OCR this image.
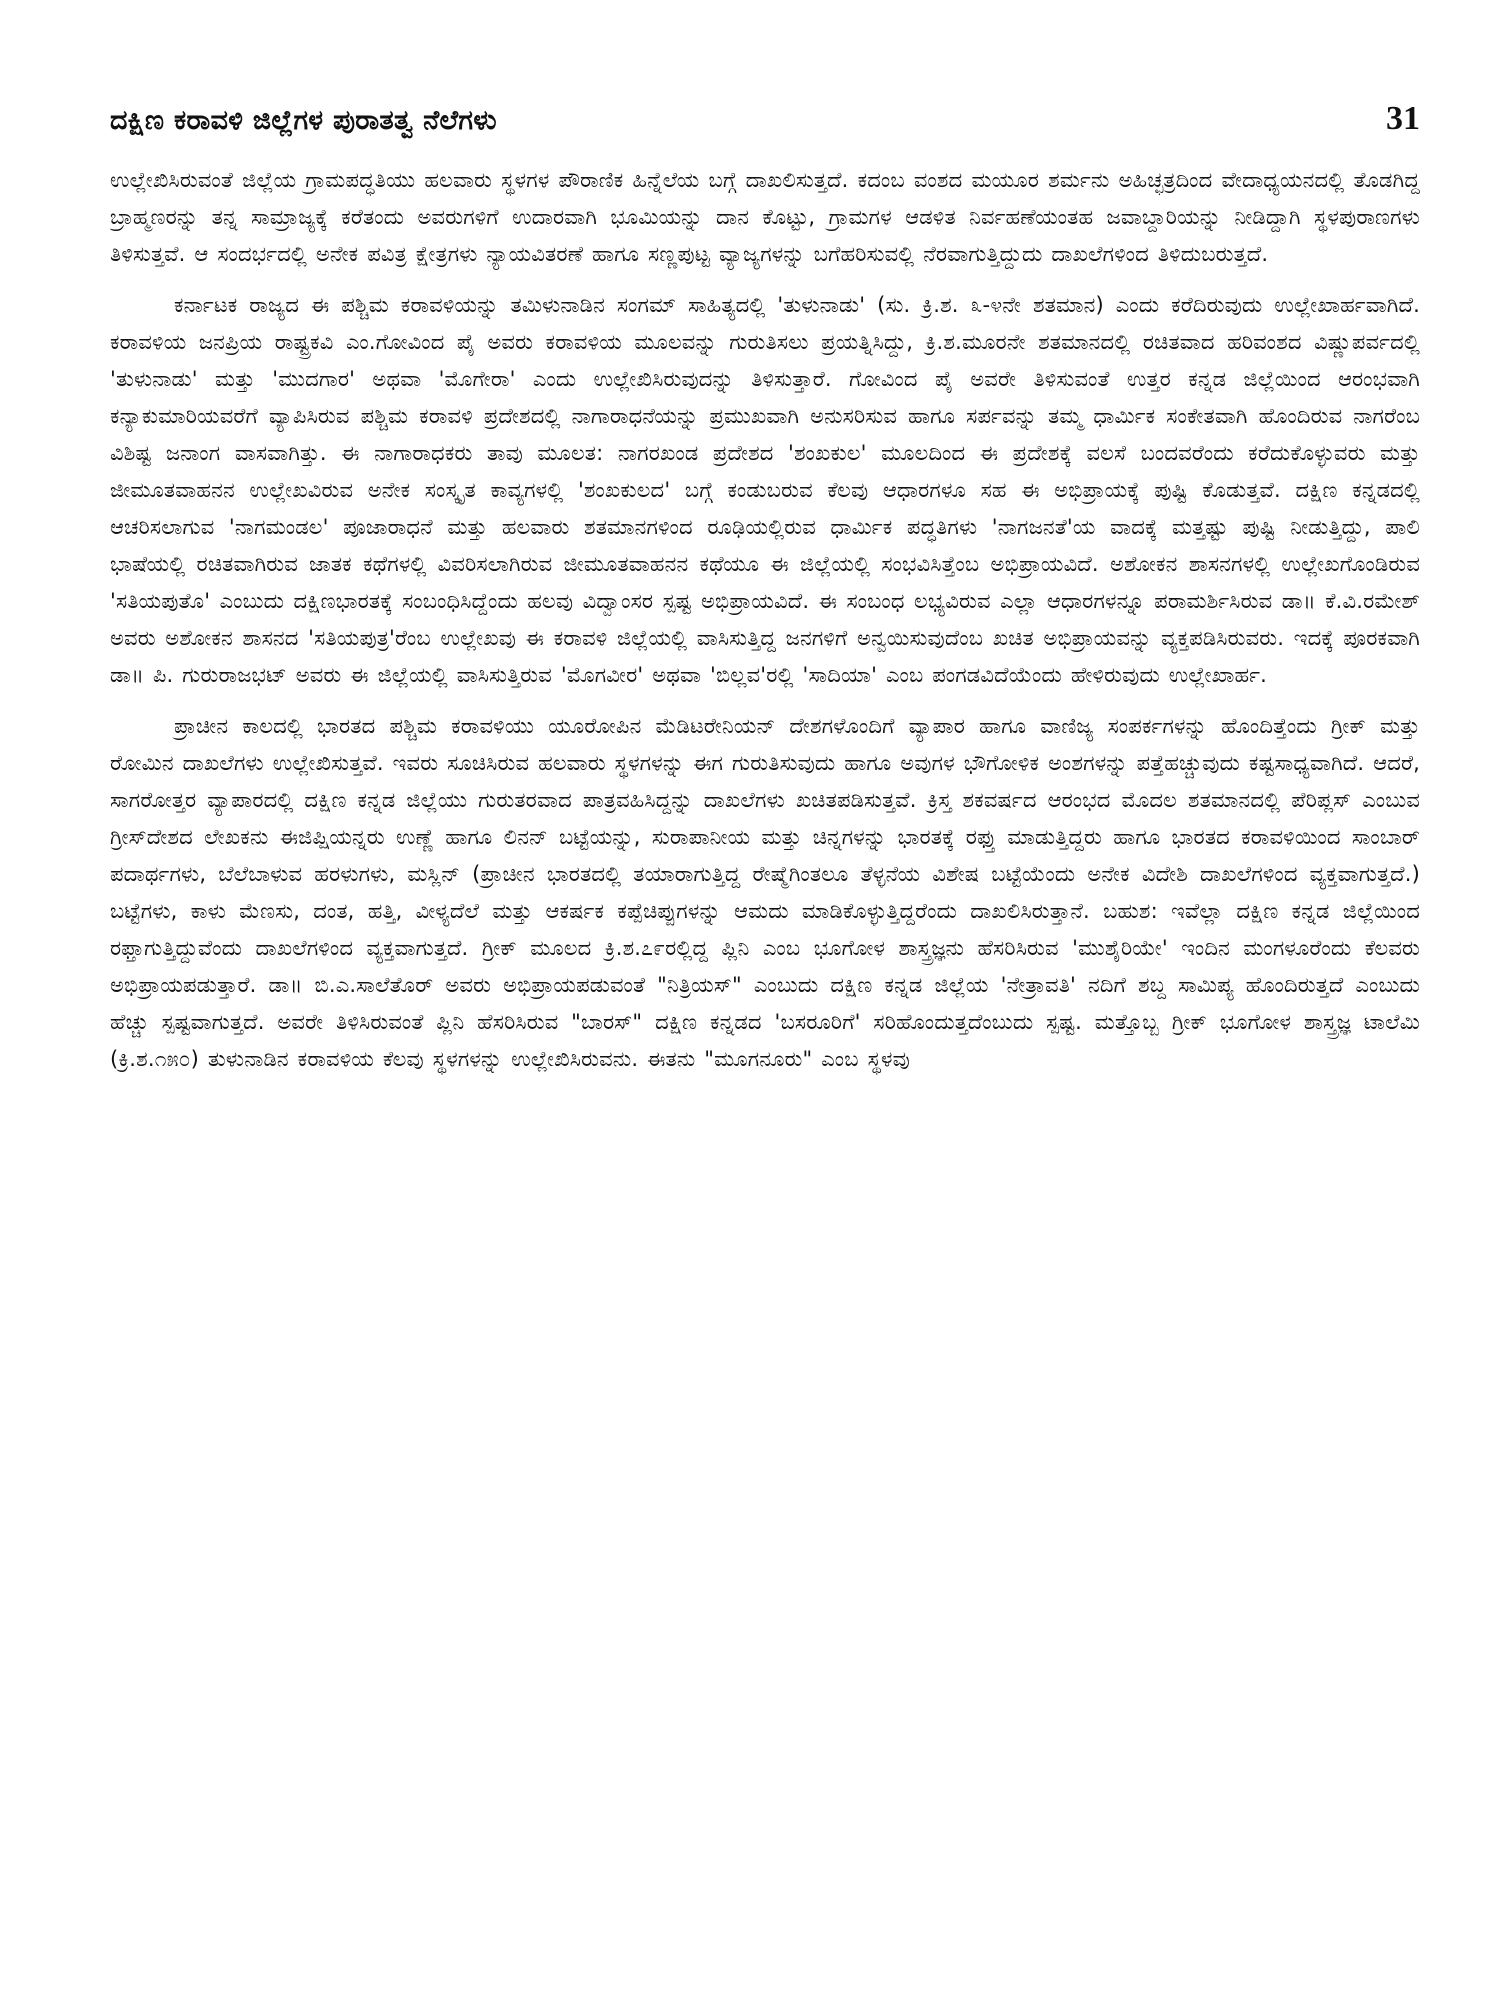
ದಕ್ಷಿಣ ಕರಾವಳಿ ಜಿಲ್ಲೆಗಳ ಪುರಾತತ್ವ ನೆಲೆಗಳು	31

ಉಲ್ಲೇಖಿಸಿರುವಂತೆ ಜಿಲ್ಲೆಯ ಗ್ರಾಮಪದ್ಧತಿಯು ಹಲವಾರು ಸ್ಥಳಗಳ ಪೌರಾಣಿಕ ಹಿನ್ನೆಲೆಯ ಬಗ್ಗೆ ದಾಖಲಿಸುತ್ತದೆ. ಕದಂಬ ವಂಶದ ಮಯೂರ ಶರ್ಮನು ಅಹಿಚ್ಛತ್ರದಿಂದ ವೇದಾಧ್ಯಯನದಲ್ಲಿ ತೊಡಗಿದ್ದ ಬ್ರಾಹ್ಮಣರನ್ನು ತನ್ನ ಸಾಮ್ರಾಜ್ಯಕ್ಕೆ ಕರೆತಂದು ಅವರುಗಳಿಗೆ ಉದಾರವಾಗಿ ಭೂಮಿಯನ್ನು ದಾನ ಕೊಟ್ಟು, ಗ್ರಾಮಗಳ ಆಡಳಿತ ನಿರ್ವಹಣೆಯಂತಹ ಜವಾಬ್ದಾರಿಯನ್ನು ನೀಡಿದ್ದಾಗಿ ಸ್ಥಳಪುರಾಣಗಳು ತಿಳಿಸುತ್ತವೆ. ಆ ಸಂದರ್ಭದಲ್ಲಿ ಅನೇಕ ಪವಿತ್ರ ಕ್ಷೇತ್ರಗಳು ನ್ಯಾಯವಿತರಣೆ ಹಾಗೂ ಸಣ್ಣಪುಟ್ಟ ವ್ಯಾಜ್ಯಗಳನ್ನು ಬಗೆಹರಿಸುವಲ್ಲಿ ನೆರವಾಗುತ್ತಿದ್ದುದು ದಾಖಲೆಗಳಿಂದ ತಿಳಿದುಬರುತ್ತದೆ.

ಕರ್ನಾಟಕ ರಾಜ್ಯದ ಈ ಪಶ್ಚಿಮ ಕರಾವಳಿಯನ್ನು ತಮಿಳುನಾಡಿನ ಸಂಗಮ್ ಸಾಹಿತ್ಯದಲ್ಲಿ 'ತುಳುನಾಡು' (ಸು. ಕ್ರಿ.ಶ. ೩-೪ನೇ ಶತಮಾನ) ಎಂದು ಕರೆದಿರುವುದು ಉಲ್ಲೇಖಾರ್ಹವಾಗಿದೆ. ಕರಾವಳಿಯ ಜನಪ್ರಿಯ ರಾಷ್ಟ್ರಕವಿ ಎಂ.ಗೋವಿಂದ ಪೈ ಅವರು ಕರಾವಳಿಯ ಮೂಲವನ್ನು ಗುರುತಿಸಲು ಪ್ರಯತ್ನಿಸಿದ್ದು, ಕ್ರಿ.ಶ.ಮೂರನೇ ಶತಮಾನದಲ್ಲಿ ರಚಿತವಾದ ಹರಿವಂಶದ ವಿಷ್ಣುಪರ್ವದಲ್ಲಿ 'ತುಳುನಾಡು' ಮತ್ತು 'ಮುದಗಾರ' ಅಥವಾ 'ಮೊಗೇರಾ' ಎಂದು ಉಲ್ಲೇಖಿಸಿರುವುದನ್ನು ತಿಳಿಸುತ್ತಾರೆ. ಗೋವಿಂದ ಪೈ ಅವರೇ ತಿಳಿಸುವಂತೆ ಉತ್ತರ ಕನ್ನಡ ಜಿಲ್ಲೆಯಿಂದ ಆರಂಭವಾಗಿ ಕನ್ಯಾಕುಮಾರಿಯವರೆಗೆ ವ್ಯಾಪಿಸಿರುವ ಪಶ್ಚಿಮ ಕರಾವಳಿ ಪ್ರದೇಶದಲ್ಲಿ ನಾಗಾರಾಧನೆಯನ್ನು ಪ್ರಮುಖವಾಗಿ ಅನುಸರಿಸುವ ಹಾಗೂ ಸರ್ಪವನ್ನು ತಮ್ಮ ಧಾರ್ಮಿಕ ಸಂಕೇತವಾಗಿ ಹೊಂದಿರುವ ನಾಗರೆಂಬ ವಿಶಿಷ್ಟ ಜನಾಂಗ ವಾಸವಾಗಿತ್ತು. ಈ ನಾಗಾರಾಧಕರು ತಾವು ಮೂಲತ: ನಾಗರಖಂಡ ಪ್ರದೇಶದ 'ಶಂಖಕುಲ' ಮೂಲದಿಂದ ಈ ಪ್ರದೇಶಕ್ಕೆ ವಲಸೆ ಬಂದವರೆಂದು ಕರೆದುಕೊಳ್ಳುವರು ಮತ್ತು ಜೀಮೂತವಾಹನನ ಉಲ್ಲೇಖವಿರುವ ಅನೇಕ ಸಂಸ್ಕೃತ ಕಾವ್ಯಗಳಲ್ಲಿ 'ಶಂಖಕುಲದ' ಬಗ್ಗೆ ಕಂಡುಬರುವ ಕೆಲವು ಆಧಾರಗಳೂ ಸಹ ಈ ಅಭಿಪ್ರಾಯಕ್ಕೆ ಪುಷ್ಟಿ ಕೊಡುತ್ತವೆ. ದಕ್ಷಿಣ ಕನ್ನಡದಲ್ಲಿ ಆಚರಿಸಲಾಗುವ 'ನಾಗಮಂಡಲ' ಪೂಜಾರಾಧನೆ ಮತ್ತು ಹಲವಾರು ಶತಮಾನಗಳಿಂದ ರೂಢಿಯಲ್ಲಿರುವ ಧಾರ್ಮಿಕ ಪದ್ಧತಿಗಳು 'ನಾಗಜನತೆ'ಯ ವಾದಕ್ಕೆ ಮತ್ತಷ್ಟು ಪುಷ್ಟಿ ನೀಡುತ್ತಿದ್ದು, ಪಾಲಿ ಭಾಷೆಯಲ್ಲಿ ರಚಿತವಾಗಿರುವ ಜಾತಕ ಕಥೆಗಳಲ್ಲಿ ವಿವರಿಸಲಾಗಿರುವ ಜೀಮೂತವಾಹನನ ಕಥೆಯೂ ಈ ಜಿಲ್ಲೆಯಲ್ಲಿ ಸಂಭವಿಸಿತ್ತೆಂಬ ಅಭಿಪ್ರಾಯವಿದೆ. ಅಶೋಕನ ಶಾಸನಗಳಲ್ಲಿ ಉಲ್ಲೇಖಗೊಂಡಿರುವ 'ಸತಿಯಪುತೊ' ಎಂಬುದು ದಕ್ಷಿಣಭಾರತಕ್ಕೆ ಸಂಬಂಧಿಸಿದ್ದೆಂದು ಹಲವು ವಿದ್ವಾಂಸರ ಸ್ಪಷ್ಟ ಅಭಿಪ್ರಾಯವಿದೆ. ಈ ಸಂಬಂಧ ಲಭ್ಯವಿರುವ ಎಲ್ಲಾ ಆಧಾರಗಳನ್ನೂ ಪರಾಮರ್ಶಿಸಿರುವ ಡಾ॥ ಕೆ.ವಿ.ರಮೇಶ್ ಅವರು ಅಶೋಕನ ಶಾಸನದ 'ಸತಿಯಪುತ್ರ'ರೆಂಬ ಉಲ್ಲೇಖವು ಈ ಕರಾವಳಿ ಜಿಲ್ಲೆಯಲ್ಲಿ ವಾಸಿಸುತ್ತಿದ್ದ ಜನಗಳಿಗೆ ಅನ್ವಯಿಸುವುದೆಂಬ ಖಚಿತ ಅಭಿಪ್ರಾಯವನ್ನು ವ್ಯಕ್ತಪಡಿಸಿರುವರು. ಇದಕ್ಕೆ ಪೂರಕವಾಗಿ ಡಾ॥ ಪಿ. ಗುರುರಾಜಭಟ್ ಅವರು ಈ ಜಿಲ್ಲೆಯಲ್ಲಿ ವಾಸಿಸುತ್ತಿರುವ 'ಮೊಗವೀರ' ಅಥವಾ 'ಬಿಲ್ಲವ'ರಲ್ಲಿ 'ಸಾದಿಯಾ' ಎಂಬ ಪಂಗಡವಿದೆಯೆಂದು ಹೇಳಿರುವುದು ಉಲ್ಲೇಖಾರ್ಹ.

ಪ್ರಾಚೀನ ಕಾಲದಲ್ಲಿ ಭಾರತದ ಪಶ್ಚಿಮ ಕರಾವಳಿಯು ಯೂರೋಪಿನ ಮೆಡಿಟರೇನಿಯನ್ ದೇಶಗಳೊಂದಿಗೆ ವ್ಯಾಪಾರ ಹಾಗೂ ವಾಣಿಜ್ಯ ಸಂಪರ್ಕಗಳನ್ನು ಹೊಂದಿತ್ತೆಂದು ಗ್ರೀಕ್ ಮತ್ತು ರೋಮಿನ ದಾಖಲೆಗಳು ಉಲ್ಲೇಖಿಸುತ್ತವೆ. ಇವರು ಸೂಚಿಸಿರುವ ಹಲವಾರು ಸ್ಥಳಗಳನ್ನು ಈಗ ಗುರುತಿಸುವುದು ಹಾಗೂ ಅವುಗಳ ಭೌಗೋಳಿಕ ಅಂಶಗಳನ್ನು ಪತ್ತೆಹಚ್ಚುವುದು ಕಷ್ಟಸಾಧ್ಯವಾಗಿದೆ. ಆದರೆ, ಸಾಗರೋತ್ತರ ವ್ಯಾಪಾರದಲ್ಲಿ ದಕ್ಷಿಣ ಕನ್ನಡ ಜಿಲ್ಲೆಯು ಗುರುತರವಾದ ಪಾತ್ರವಹಿಸಿದ್ದನ್ನು ದಾಖಲೆಗಳು ಖಚಿತಪಡಿಸುತ್ತವೆ. ಕ್ರಿಸ್ತ ಶಕವರ್ಷದ ಆರಂಭದ ಮೊದಲ ಶತಮಾನದಲ್ಲಿ ಪೆರಿಪ್ಲಸ್ ಎಂಬುವ ಗ್ರೀಸ್‌ದೇಶದ ಲೇಖಕನು ಈಜಿಪ್ಷಿಯನ್ನರು ಉಣ್ಣೆ ಹಾಗೂ ಲಿನನ್ ಬಟ್ಟೆಯನ್ನು, ಸುರಾಪಾನೀಯ ಮತ್ತು ಚಿನ್ನಗಳನ್ನು ಭಾರತಕ್ಕೆ ರಫ್ತು ಮಾಡುತ್ತಿದ್ದರು ಹಾಗೂ ಭಾರತದ ಕರಾವಳಿಯಿಂದ ಸಾಂಬಾರ್ ಪದಾರ್ಥಗಳು, ಬೆಲೆಬಾಳುವ ಹರಳುಗಳು, ಮಸ್ಲಿನ್ (ಪ್ರಾಚೀನ ಭಾರತದಲ್ಲಿ ತಯಾರಾಗುತ್ತಿದ್ದ ರೇಷ್ಮೆಗಿಂತಲೂ ತೆಳ್ಳನೆಯ ವಿಶೇಷ ಬಟ್ಟೆಯೆಂದು ಅನೇಕ ವಿದೇಶಿ ದಾಖಲೆಗಳಿಂದ ವ್ಯಕ್ತವಾಗುತ್ತದೆ.) ಬಟ್ಟೆಗಳು, ಕಾಳು ಮೆಣಸು, ದಂತ, ಹತ್ತಿ, ವೀಳ್ಯದೆಲೆ ಮತ್ತು ಆಕರ್ಷಕ ಕಪ್ಪೆಚಿಪ್ಪುಗಳನ್ನು ಆಮದು ಮಾಡಿಕೊಳ್ಳುತ್ತಿದ್ದರೆಂದು ದಾಖಲಿಸಿರುತ್ತಾನೆ. ಬಹುಶ: ಇವೆಲ್ಲಾ ದಕ್ಷಿಣ ಕನ್ನಡ ಜಿಲ್ಲೆಯಿಂದ ರಫ್ತಾಗುತ್ತಿದ್ದುವೆಂದು ದಾಖಲೆಗಳಿಂದ ವ್ಯಕ್ತವಾಗುತ್ತದೆ. ಗ್ರೀಕ್ ಮೂಲದ ಕ್ರಿ.ಶ.೭೯ರಲ್ಲಿದ್ದ ಪ್ಲಿನಿ ಎಂಬ ಭೂಗೋಳ ಶಾಸ್ತ್ರಜ್ಞನು ಹೆಸರಿಸಿರುವ 'ಮುಶೈರಿಯೇ' ಇಂದಿನ ಮಂಗಳೂರೆಂದು ಕೆಲವರು ಅಭಿಪ್ರಾಯಪಡುತ್ತಾರೆ. ಡಾ॥ ಬಿ.ಎ.ಸಾಲೆತೊರ್ ಅವರು ಅಭಿಪ್ರಾಯಪಡುವಂತೆ "ನಿತ್ರಿಯಸ್" ಎಂಬುದು ದಕ್ಷಿಣ ಕನ್ನಡ ಜಿಲ್ಲೆಯ 'ನೇತ್ರಾವತಿ' ನದಿಗೆ ಶಬ್ದ ಸಾಮಿಪ್ಯ ಹೊಂದಿರುತ್ತದೆ ಎಂಬುದು ಹೆಚ್ಚು ಸ್ಪಷ್ಟವಾಗುತ್ತದೆ. ಅವರೇ ತಿಳಿಸಿರುವಂತೆ ಪ್ಲಿನಿ ಹೆಸರಿಸಿರುವ "ಬಾರಸ್" ದಕ್ಷಿಣ ಕನ್ನಡದ 'ಬಸರೂರಿಗೆ' ಸರಿಹೊಂದುತ್ತದೆಂಬುದು ಸ್ಪಷ್ಟ. ಮತ್ತೊಬ್ಬ ಗ್ರೀಕ್ ಭೂಗೋಳ ಶಾಸ್ತ್ರಜ್ಞ ಟಾಲೆಮಿ (ಕ್ರಿ.ಶ.೧೫೦) ತುಳುನಾಡಿನ ಕರಾವಳಿಯ ಕೆಲವು ಸ್ಥಳಗಳನ್ನು ಉಲ್ಲೇಖಿಸಿರುವನು. ಈತನು "ಮೂಗನೂರು" ಎಂಬ ಸ್ಥಳವು
